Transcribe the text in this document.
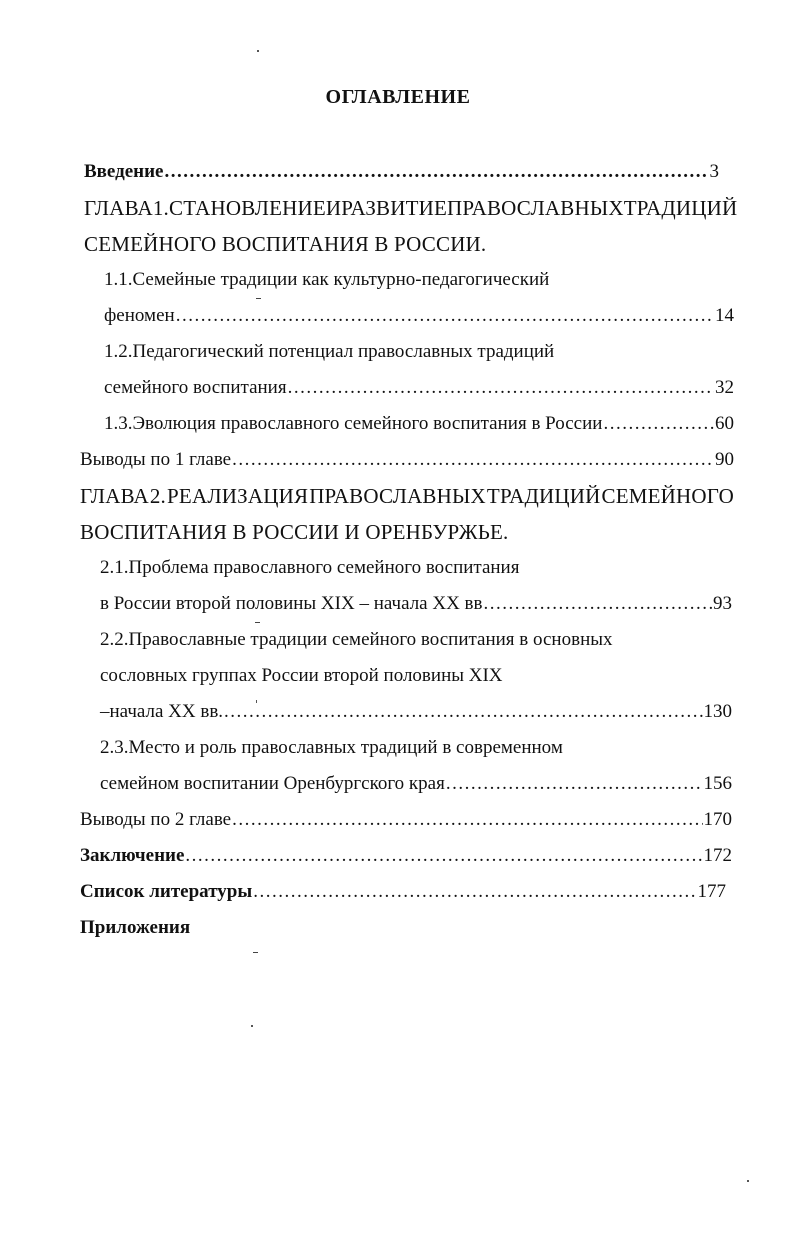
ОГЛАВЛЕНИЕ
Введение .....	3
ГЛАВА 1. СТАНОВЛЕНИЕ И РАЗВИТИЕ ПРАВОСЛАВНЫХ ТРАДИЦИЙ
СЕМЕЙНОГО ВОСПИТАНИЯ В РОССИИ.
1.1.Семейные традиции как культурно-педагогический
феномен .....	14
1.2.Педагогический потенциал православных традиций
семейного воспитания .....	32
1.3.Эволюция православного семейного воспитания в России .....	60
Выводы по 1 главе .....	90
ГЛАВА 2. РЕАЛИЗАЦИЯ ПРАВОСЛАВНЫХ ТРАДИЦИЙ СЕМЕЙНОГО
ВОСПИТАНИЯ В РОССИИ И ОРЕНБУРЖЬЕ.
2.1.Проблема православного семейного воспитания
в России второй половины XIX – начала XX вв .....	93
2.2.Православные традиции семейного воспитания в основных
сословных группах России второй половины XIX
–начала XX вв. .....	130
2.3.Место и роль православных традиций в современном
семейном воспитании Оренбургского края .....	156
Выводы по 2 главе .....	170
Заключение .....	172
Список литературы .....	177
Приложения
